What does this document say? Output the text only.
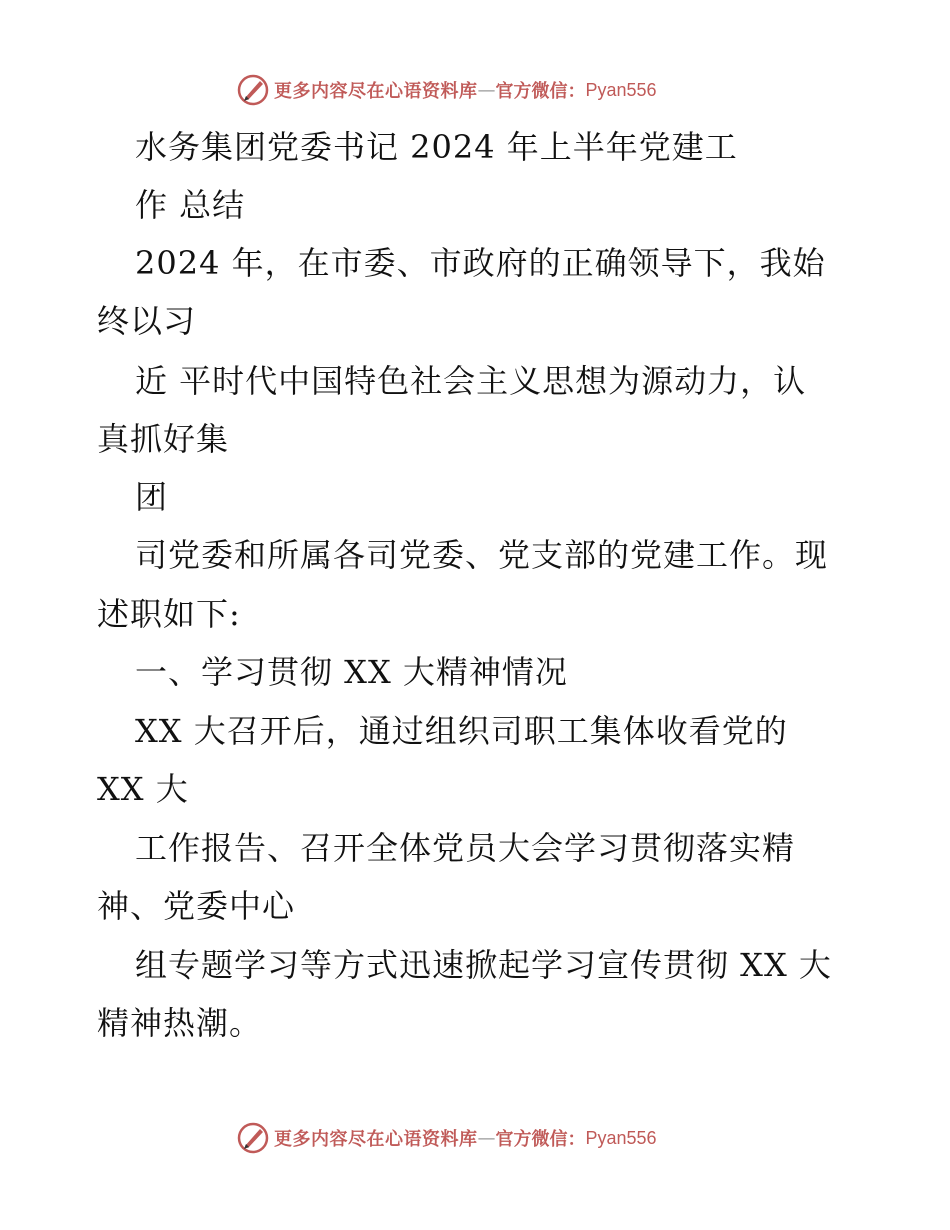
更多内容尽在心语资料库 — 官方微信： Pyan556
水务集团党委书记 2024 年上半年党建工
作 总结
2024 年，在市委、市政府的正确领导下，我始
终以习
近 平时代中国特色社会主义思想为源动力，认
真抓好集
团
司党委和所属各司党委、党支部的党建工作。现
述职如下:
一、学习贯彻 XX 大精神情况
XX 大召开后，通过组织司职工集体收看党的
XX 大
工作报告、召开全体党员大会学习贯彻落实精
神、党委中心
组专题学习等方式迅速掀起学习宣传贯彻 XX 大
精神热潮。
更多内容尽在心语资料库 — 官方微信： Pyan556
